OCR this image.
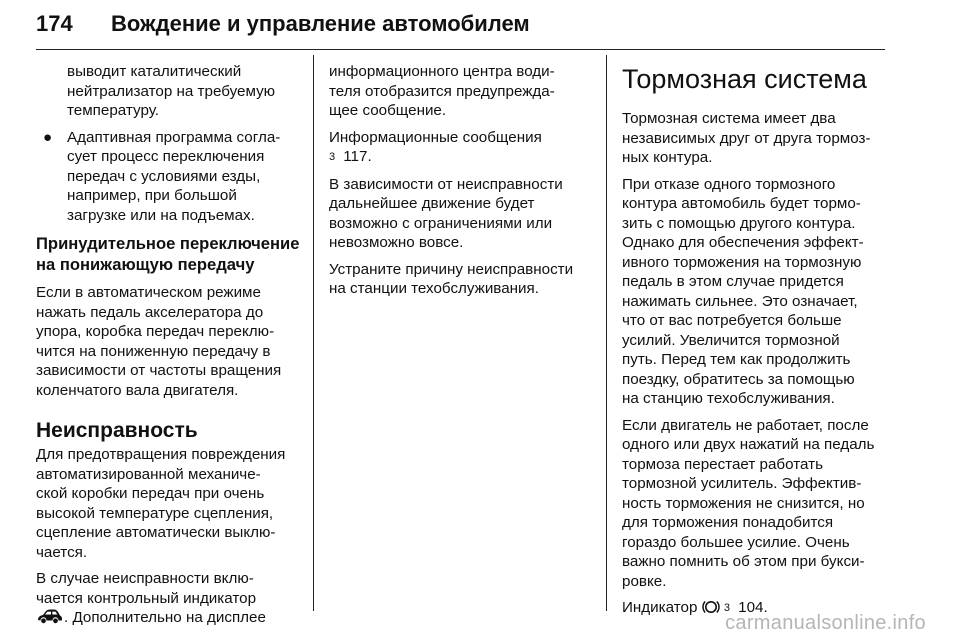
174 Вождение и управление автомобилем

выводит каталитический
нейтрализатор на требуемую
температуру.

● Адаптивная программа согла-
сует процесс переключения
передач с условиями езды,
например, при большой
загрузке или на подъемах.

Принудительное переключение
на понижающую передачу

Если в автоматическом режиме
нажать педаль акселератора до
упора, коробка передач переклю-
чится на пониженную передачу в
зависимости от частоты вращения
коленчатого вала двигателя.

Неисправность

Для предотвращения повреждения
автоматизированной механиче-
ской коробки передач при очень
высокой температуре сцепления,
сцепление автоматически выклю-
чается.

В случае неисправности вклю-
чается контрольный индикатор
. Дополнительно на дисплее

информационного центра води-
теля отобразится предупрежда-
щее сообщение.

Информационные сообщения
3 117.

В зависимости от неисправности
дальнейшее движение будет
возможно с ограничениями или
невозможно вовсе.

Устраните причину неисправности
на станции техобслуживания.

Тормозная система

Тормозная система имеет два
независимых друг от друга тормоз-
ных контура.

При отказе одного тормозного
контура автомобиль будет тормо-
зить с помощью другого контура.
Однако для обеспечения эффект-
ивного торможения на тормозную
педаль в этом случае придется
нажимать сильнее. Это означает,
что от вас потребуется больше
усилий. Увеличится тормозной
путь. Перед тем как продолжить
поездку, обратитесь за помощью
на станцию техобслуживания.

Если двигатель не работает, после
одного или двух нажатий на педаль
тормоза перестает работать
тормозной усилитель. Эффектив-
ность торможения не снизится, но
для торможения понадобится
гораздо большее усилие. Очень
важно помнить об этом при букси-
ровке.

Индикатор 3 104.

carmanualsonline.info
